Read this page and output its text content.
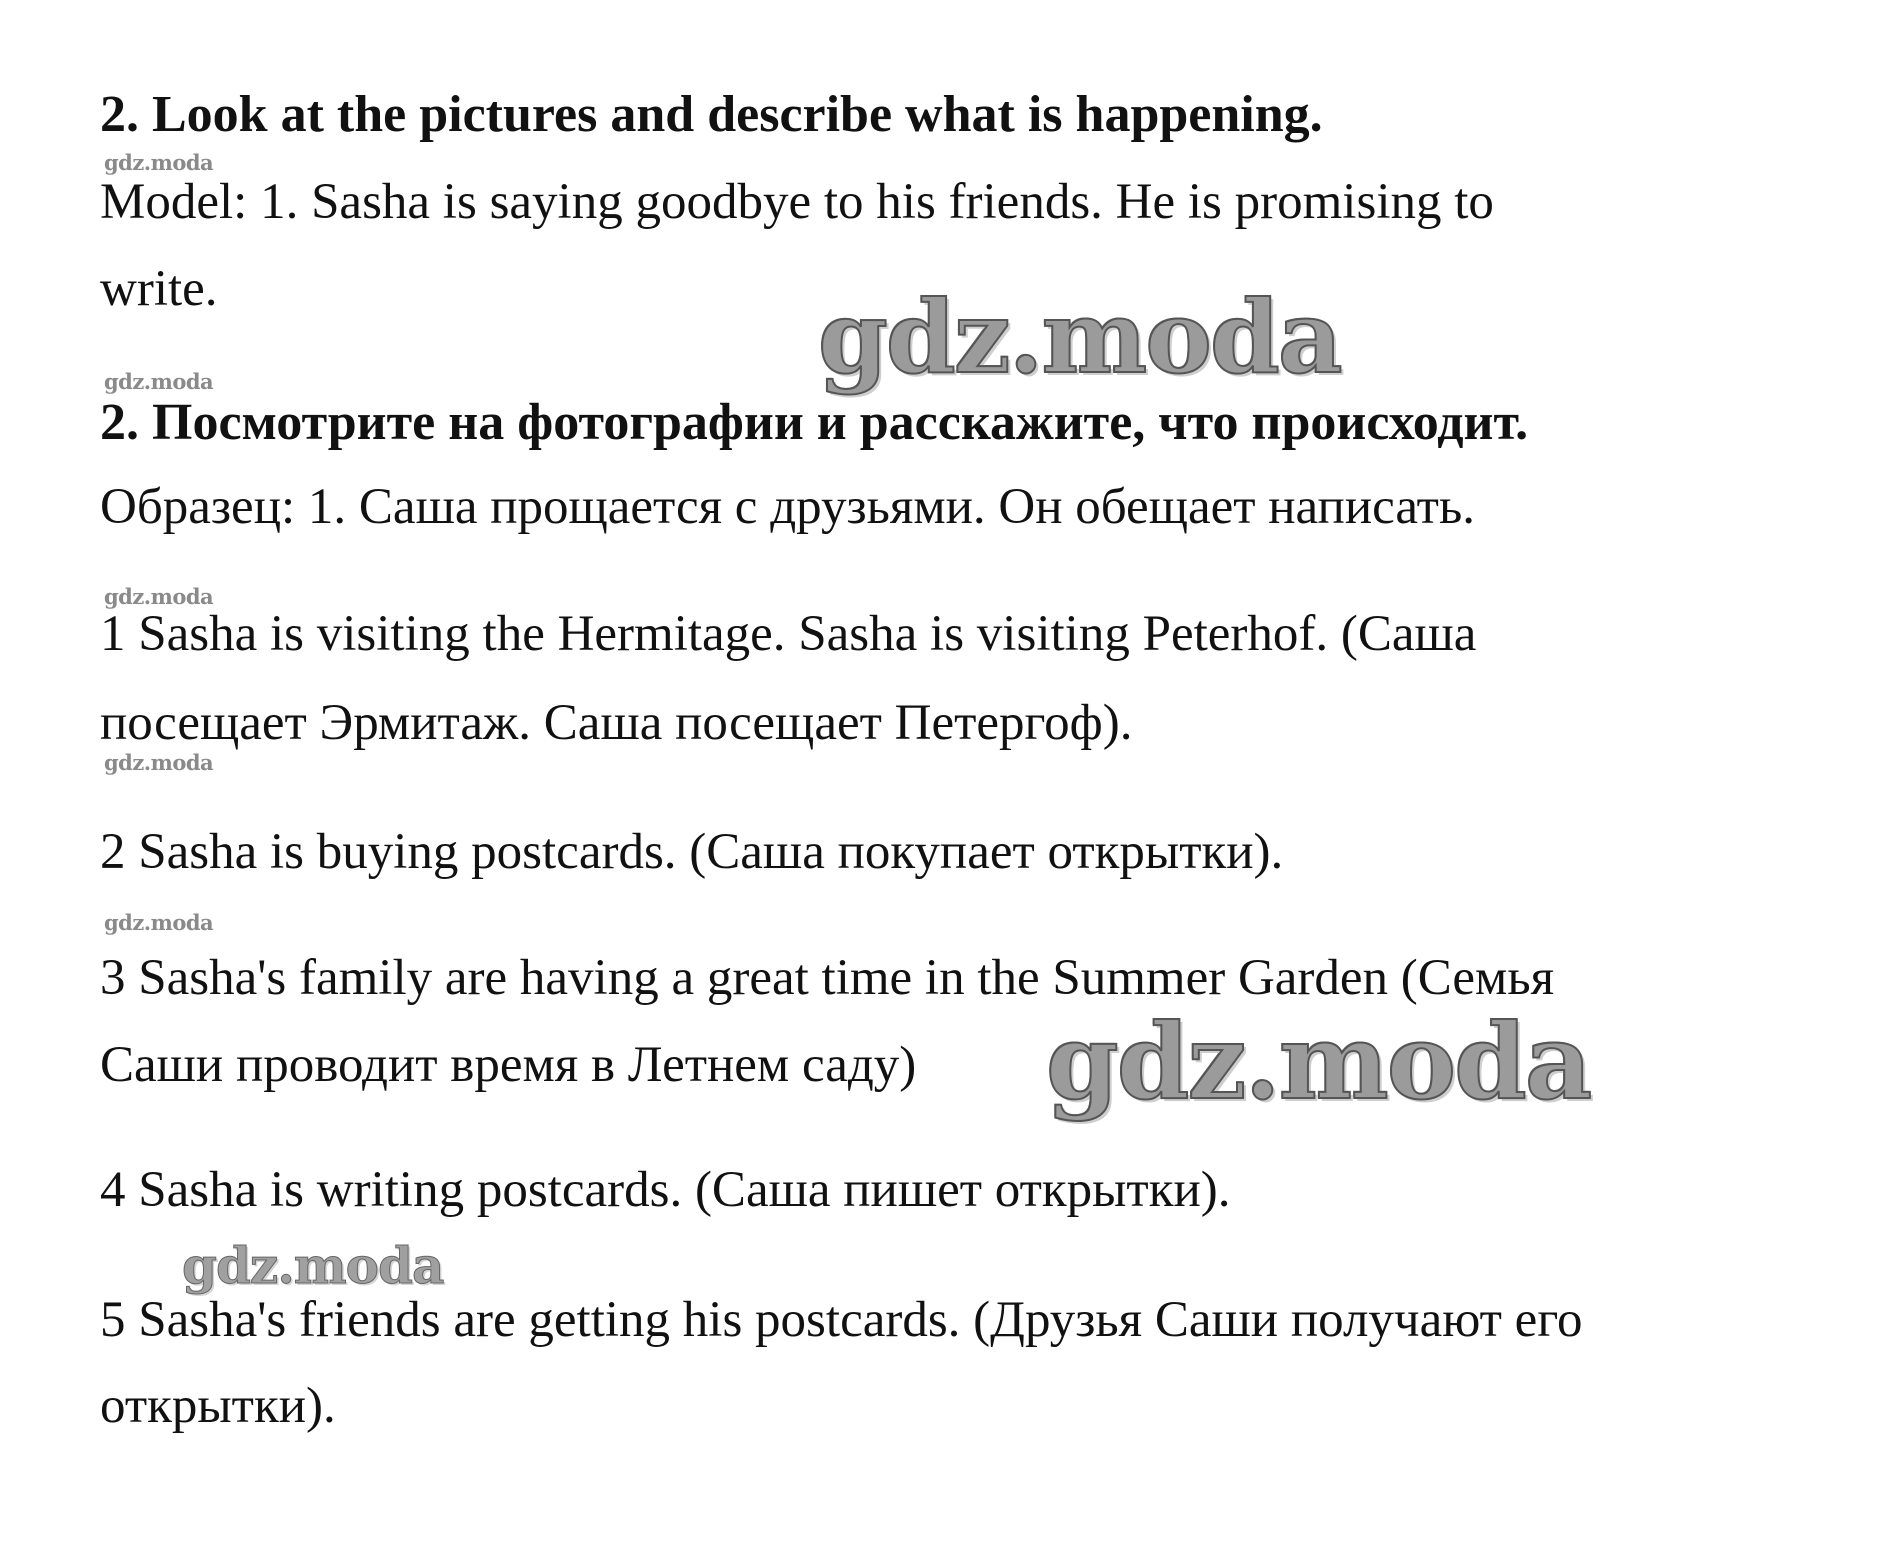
2. Look at the pictures and describe what is happening.

gdz.moda

Model: 1. Sasha is saying goodbye to his friends. He is promising to

write.	gdz.moda
gdz.moda

2. Посмотрите на фотографии и расскажите, что происходит.

Образец: 1. Саша прощается с друзьями. Он обещает написать.

gdz.moda

1 Sasha is visiting the Hermitage. Sasha is visiting Peterhof. (Саша

посещает Эрмитаж. Саша посещает Петергоф).

gdz.moda

2 Sasha is buying postcards. (Саша покупает открытки).

gdz.moda

3 Sasha's family are having a great time in the Summer Garden (Семья

Саши проводит время в Летнем саду) gdz.moda

4 Sasha is writing postcards. (Саша пишет открытки).

gdz.moda

5 Sasha's friends are getting his postcards. (Друзья Саши получают его

открытки).
